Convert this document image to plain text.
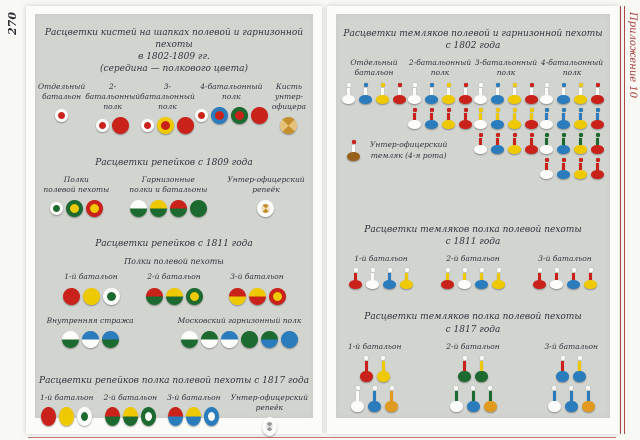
270	Расцветки кистей на шапках полевой и гарнизонной пехоты
в 1802-1809 гг.
(середина — полкового цвета)
Отдельный
батальон
2-батальонный
полк
3-батальонный
полк
4-батальонный
полк
Кисть
унтер-офицера
Расцветки репейков с 1809 года
Полки
полевой пехоты
Гарнизонные
полки и батальоны
Унтер-офицерский
репеёк
Расцветки репейков с 1811 года
Полки полевой пехоты
1-й батальон	2-й батальон	3-й батальон
Внутренняя стража	Московский гарнизонный полк
Расцветки репейков полка полевой пехоты с 1817 года
1-й батальон 2-й батальон 3-й батальон Унтер-офицерский
репеёк
Расцветки темляков полевой и гарнизонной пехоты
с 1802 года
Отдельный
батальон
2-батальонный
полк
3-батальонный
полк
4-батальонный
полк
Унтер-офицерский
темляк (4-я рота)
Расцветки темляков полка полевой пехоты
с 1811 года
1-й батальон	2-й батальон	3-й батальон
Расцветки темляков полка полевой пехоты
с 1817 года
1-й батальон	2-й батальон	3-й батальон
Приложение 10
